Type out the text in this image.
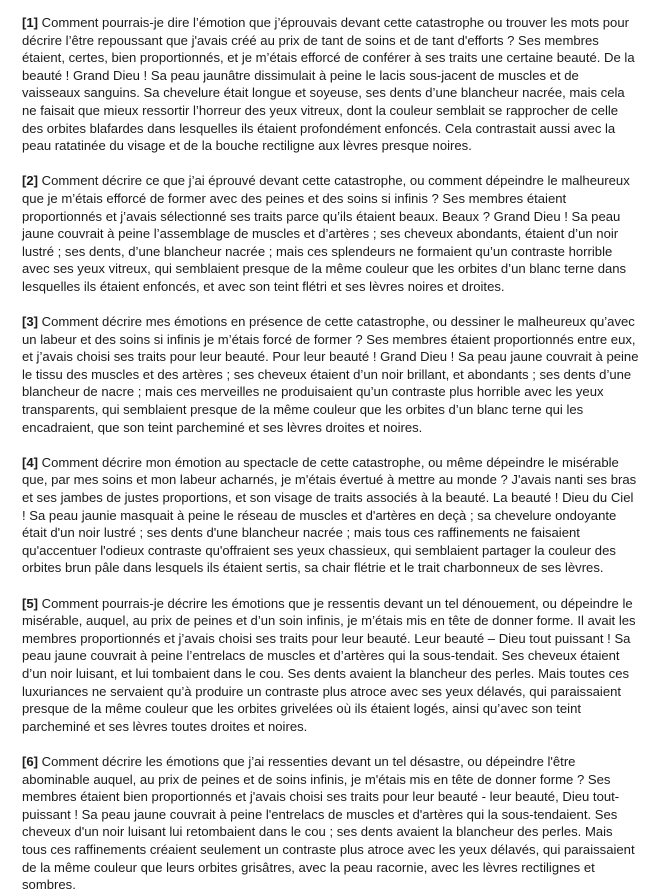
[1] Comment pourrais-je dire l’émotion que j’éprouvais devant cette catastrophe ou trouver les mots pour décrire l’être repoussant que j'avais créé au prix de tant de soins et de tant d'efforts ? Ses membres étaient, certes, bien proportionnés, et je m’étais efforcé de conférer à ses traits une certaine beauté. De la beauté ! Grand Dieu ! Sa peau jaunâtre dissimulait à peine le lacis sous-jacent de muscles et de vaisseaux sanguins. Sa chevelure était longue et soyeuse, ses dents d’une blancheur nacrée, mais cela ne faisait que mieux ressortir l’horreur des yeux vitreux, dont la couleur semblait se rapprocher de celle des orbites blafardes dans lesquelles ils étaient profondément enfoncés. Cela contrastait aussi avec la peau ratatinée du visage et de la bouche rectiligne aux lèvres presque noires.

[2] Comment décrire ce que j’ai éprouvé devant cette catastrophe, ou comment dépeindre le malheureux que je m’étais efforcé de former avec des peines et des soins si infinis ? Ses membres étaient proportionnés et j’avais sélectionné ses traits parce qu’ils étaient beaux. Beaux ? Grand Dieu ! Sa peau jaune couvrait à peine l’assemblage de muscles et d’artères ; ses cheveux abondants, étaient d’un noir lustré ; ses dents, d’une blancheur nacrée ; mais ces splendeurs ne formaient qu’un contraste horrible avec ses yeux vitreux, qui semblaient presque de la même couleur que les orbites d’un blanc terne dans lesquelles ils étaient enfoncés, et avec son teint flétri et ses lèvres noires et droites.

[3] Comment décrire mes émotions en présence de cette catastrophe, ou dessiner le malheureux qu’avec un labeur et des soins si infinis je m’étais forcé de former ? Ses membres étaient proportionnés entre eux, et j’avais choisi ses traits pour leur beauté. Pour leur beauté ! Grand Dieu ! Sa peau jaune couvrait à peine le tissu des muscles et des artères ; ses cheveux étaient d’un noir brillant, et abondants ; ses dents d’une blancheur de nacre ; mais ces merveilles ne produisaient qu’un contraste plus horrible avec les yeux transparents, qui semblaient presque de la même couleur que les orbites d’un blanc terne qui les encadraient, que son teint parcheminé et ses lèvres droites et noires.

[4] Comment décrire mon émotion au spectacle de cette catastrophe, ou même dépeindre le misérable que, par mes soins et mon labeur acharnés, je m'étais évertué à mettre au monde ? J'avais nanti ses bras et ses jambes de justes proportions, et son visage de traits associés à la beauté. La beauté ! Dieu du Ciel ! Sa peau jaunie masquait à peine le réseau de muscles et d'artères en deçà ; sa chevelure ondoyante était d'un noir lustré ; ses dents d'une blancheur nacrée ; mais tous ces raffinements ne faisaient qu'accentuer l'odieux contraste qu'offraient ses yeux chassieux, qui semblaient partager la couleur des orbites brun pâle dans lesquels ils étaient sertis, sa chair flétrie et le trait charbonneux de ses lèvres.

[5] Comment pourrais-je décrire les émotions que je ressentis devant un tel dénouement, ou dépeindre le misérable, auquel, au prix de peines et d’un soin infinis, je m’étais mis en tête de donner forme. Il avait les membres proportionnés et j’avais choisi ses traits pour leur beauté. Leur beauté – Dieu tout puissant ! Sa peau jaune couvrait à peine l’entrelacs de muscles et d’artères qui la sous-tendait. Ses cheveux étaient d’un noir luisant, et lui tombaient dans le cou. Ses dents avaient la blancheur des perles. Mais toutes ces luxuriances ne servaient qu’à produire un contraste plus atroce avec ses yeux délavés, qui paraissaient presque de la même couleur que les orbites grivelées où ils étaient logés, ainsi qu’avec son teint parcheminé et ses lèvres toutes droites et noires.

[6] Comment décrire les émotions que j’ai ressenties devant un tel désastre, ou dépeindre l'être abominable auquel, au prix de peines et de soins infinis, je m'étais mis en tête de donner forme ? Ses membres étaient bien proportionnés et j'avais choisi ses traits pour leur beauté - leur beauté, Dieu tout-puissant ! Sa peau jaune couvrait à peine l'entrelacs de muscles et d'artères qui la sous-tendaient. Ses cheveux d'un noir luisant lui retombaient dans le cou ; ses dents avaient la blancheur des perles. Mais tous ces raffinements créaient seulement un contraste plus atroce avec les yeux délavés, qui paraissaient de la même couleur que leurs orbites grisâtres, avec la peau racornie, avec les lèvres rectilignes et sombres.
